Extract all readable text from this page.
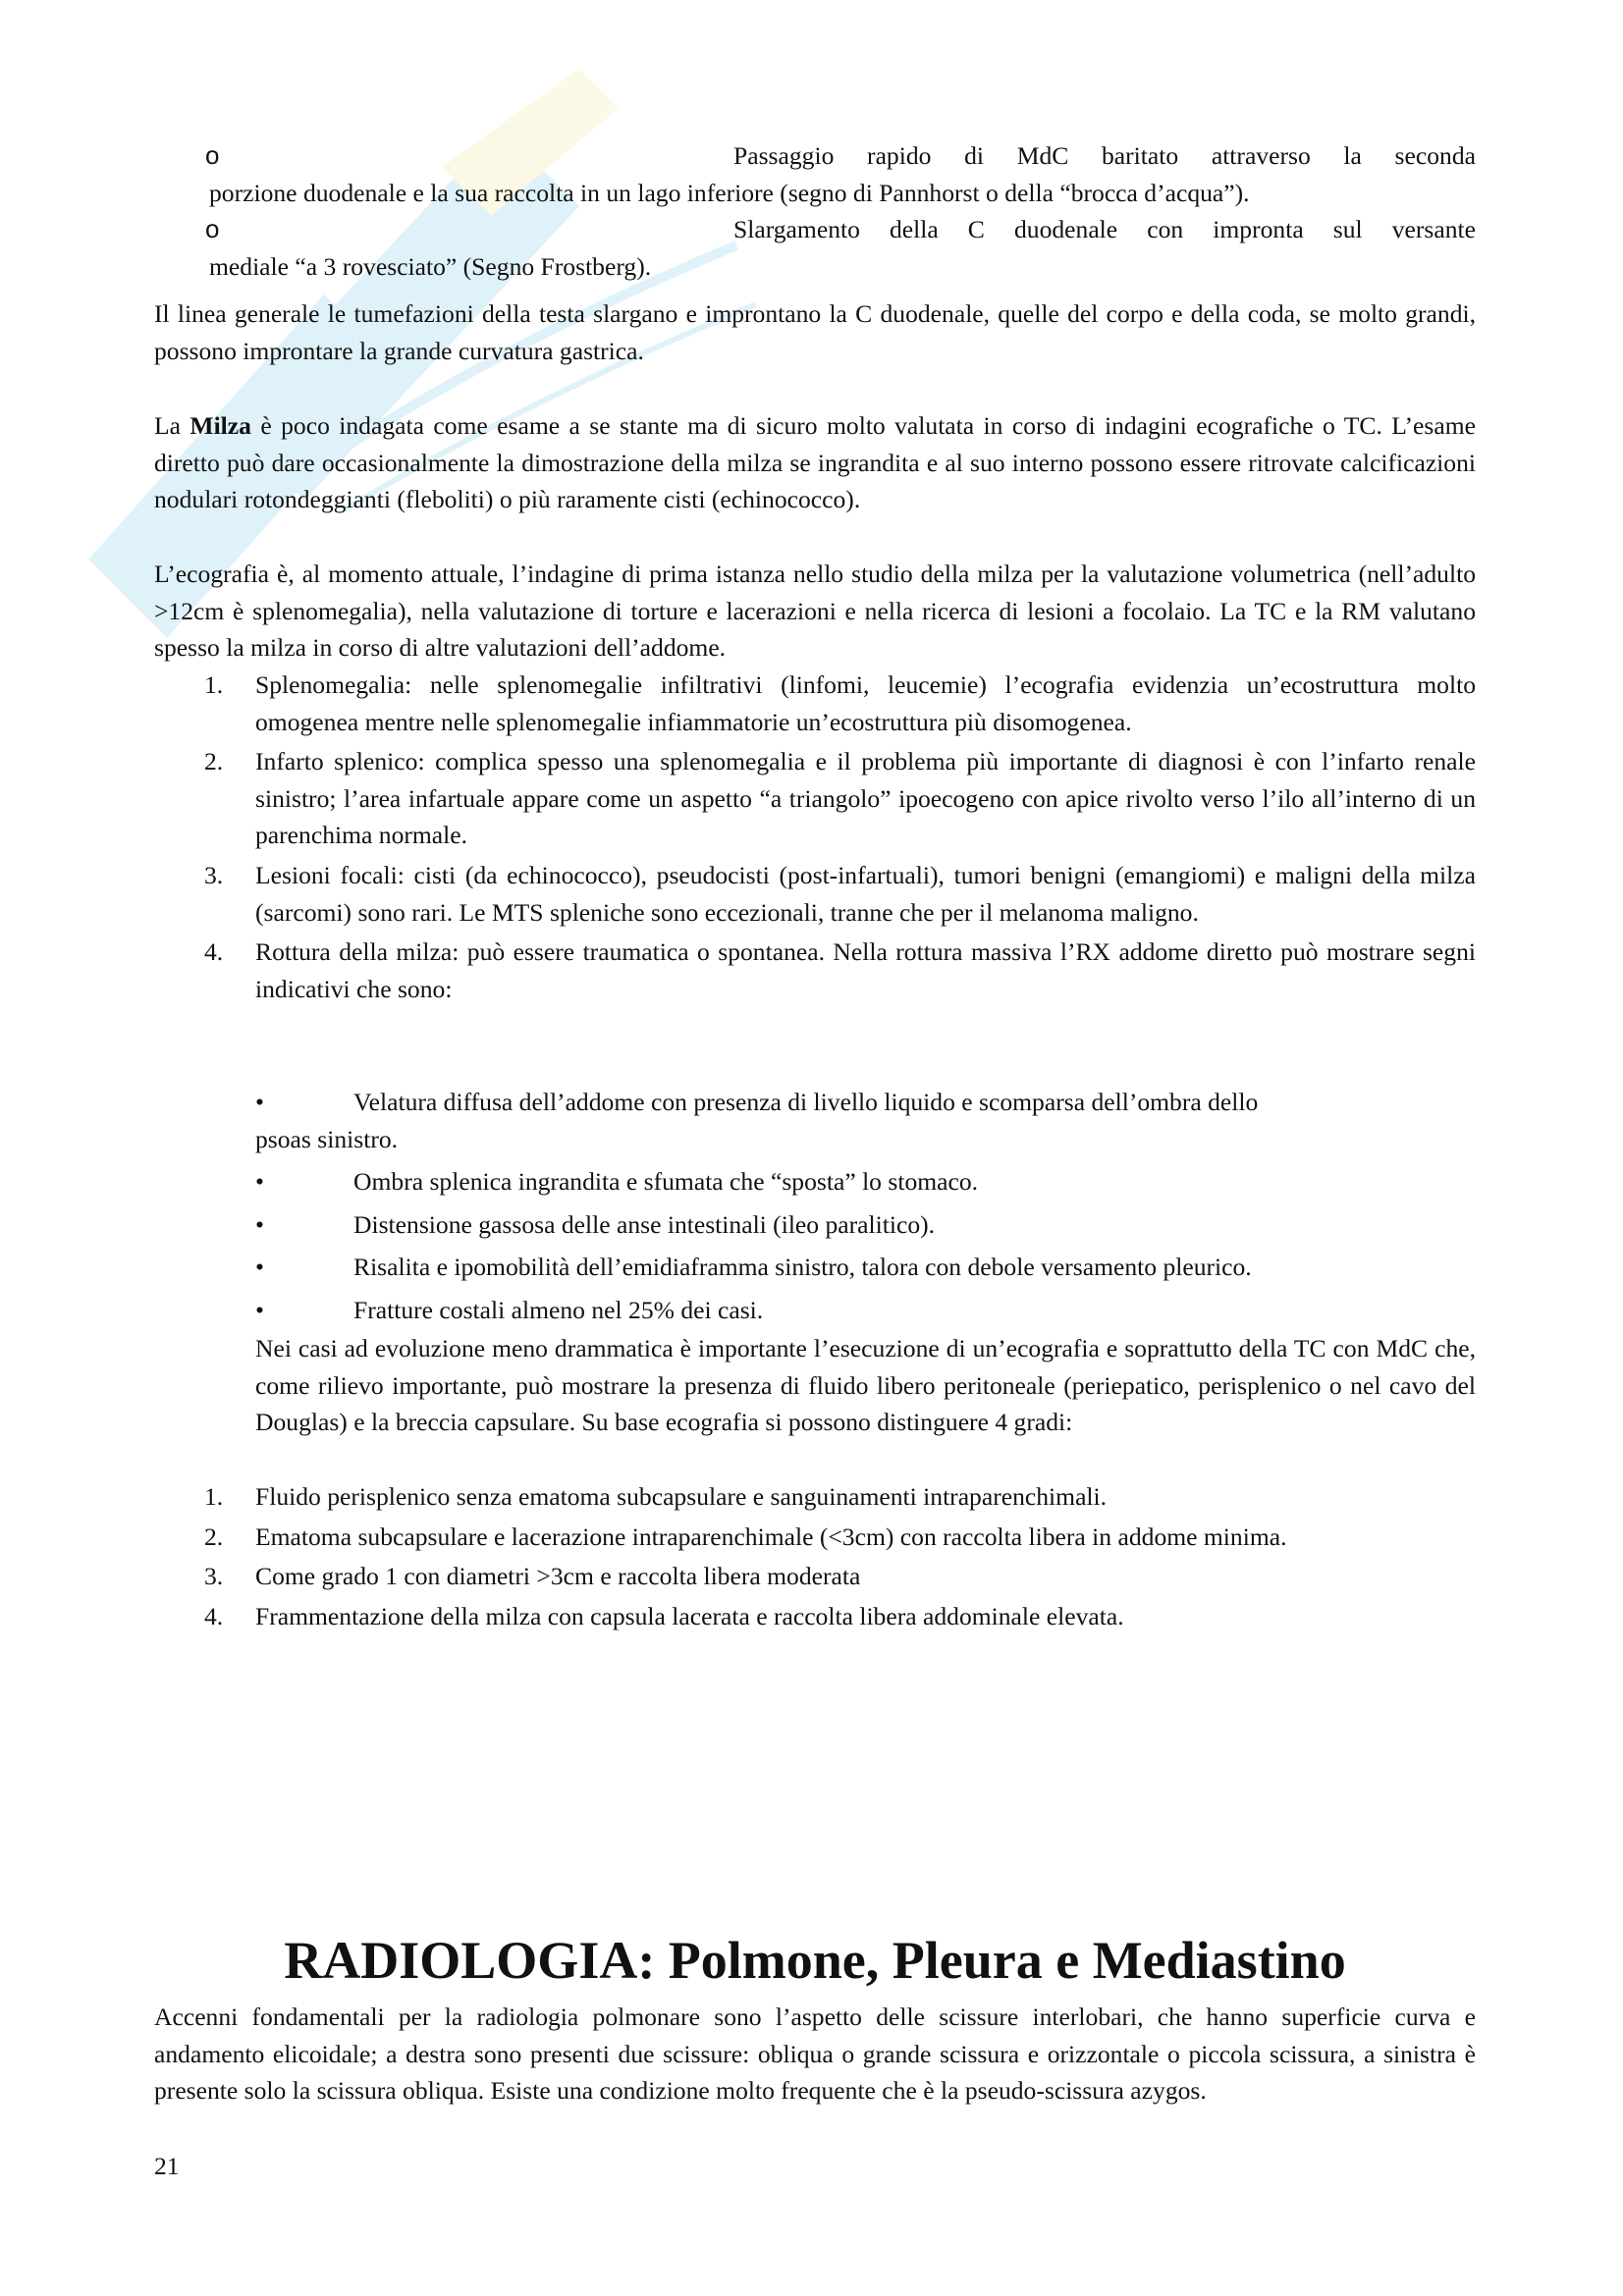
o	Passaggio rapido di MdC baritato attraverso la seconda

porzione duodenale e la sua raccolta in un lago inferiore (segno di Pannhorst o della “brocca d’acqua”).

o	Slargamento della C duodenale con impronta sul versante

mediale “a 3 rovesciato” (Segno Frostberg).

Il linea generale le tumefazioni della testa slargano e improntano la C duodenale, quelle del corpo e della coda, se molto grandi, possono improntare la grande curvatura gastrica.

La Milza è poco indagata come esame a se stante ma di sicuro molto valutata in corso di indagini ecografiche o TC. L’esame diretto può dare occasionalmente la dimostrazione della milza se ingrandita e al suo interno possono essere ritrovate calcificazioni nodulari rotondeggianti (fleboliti) o più raramente cisti (echinococco).

L’ecografia è, al momento attuale, l’indagine di prima istanza nello studio della milza per la valutazione volumetrica (nell’adulto >12cm è splenomegalia), nella valutazione di torture e lacerazioni e nella ricerca di lesioni a focolaio. La TC e la RM valutano spesso la milza in corso di altre valutazioni dell’addome.

1. Splenomegalia: nelle splenomegalie infiltrativi (linfomi, leucemie) l’ecografia evidenzia un’ecostruttura molto omogenea mentre nelle splenomegalie infiammatorie un’ecostruttura più disomogenea.

2. Infarto splenico: complica spesso una splenomegalia e il problema più importante di diagnosi è con l’infarto renale sinistro; l’area infartuale appare come un aspetto “a triangolo” ipoecogeno con apice rivolto verso l’ilo all’interno di un parenchima normale.

3. Lesioni focali: cisti (da echinococco), pseudocisti (post-infartuali), tumori benigni (emangiomi) e maligni della milza (sarcomi) sono rari. Le MTS spleniche sono eccezionali, tranne che per il melanoma maligno.

4. Rottura della milza: può essere traumatica o spontanea. Nella rottura massiva l’RX addome diretto può mostrare segni indicativi che sono:

•	Velatura diffusa dell’addome con presenza di livello liquido e scomparsa dell’ombra dello

psoas sinistro.

•	Ombra splenica ingrandita e sfumata che “sposta” lo stomaco.

•	Distensione gassosa delle anse intestinali (ileo paralitico).

•	Risalita e ipomobilità dell’emidiaframma sinistro, talora con debole versamento pleurico.

•	Fratture costali almeno nel 25% dei casi.

Nei casi ad evoluzione meno drammatica è importante l’esecuzione di un’ecografia e soprattutto della TC con MdC che, come rilievo importante, può mostrare la presenza di fluido libero peritoneale (periepatico, perisplenico o nel cavo del Douglas) e la breccia capsulare. Su base ecografia si possono distinguere 4 gradi:

1. Fluido perisplenico senza ematoma subcapsulare e sanguinamenti intraparenchimali.

2. Ematoma subcapsulare e lacerazione intraparenchimale (<3cm) con raccolta libera in addome minima.

3. Come grado 1 con diametri >3cm e raccolta libera moderata

4. Frammentazione della milza con capsula lacerata e raccolta libera addominale elevata.

RADIOLOGIA: Polmone, Pleura e Mediastino

Accenni fondamentali per la radiologia polmonare sono l’aspetto delle scissure interlobari, che hanno superficie curva e andamento elicoidale; a destra sono presenti due scissure: obliqua o grande scissura e orizzontale o piccola scissura, a sinistra è presente solo la scissura obliqua. Esiste una condizione molto frequente che è la pseudo-scissura azygos.

21
